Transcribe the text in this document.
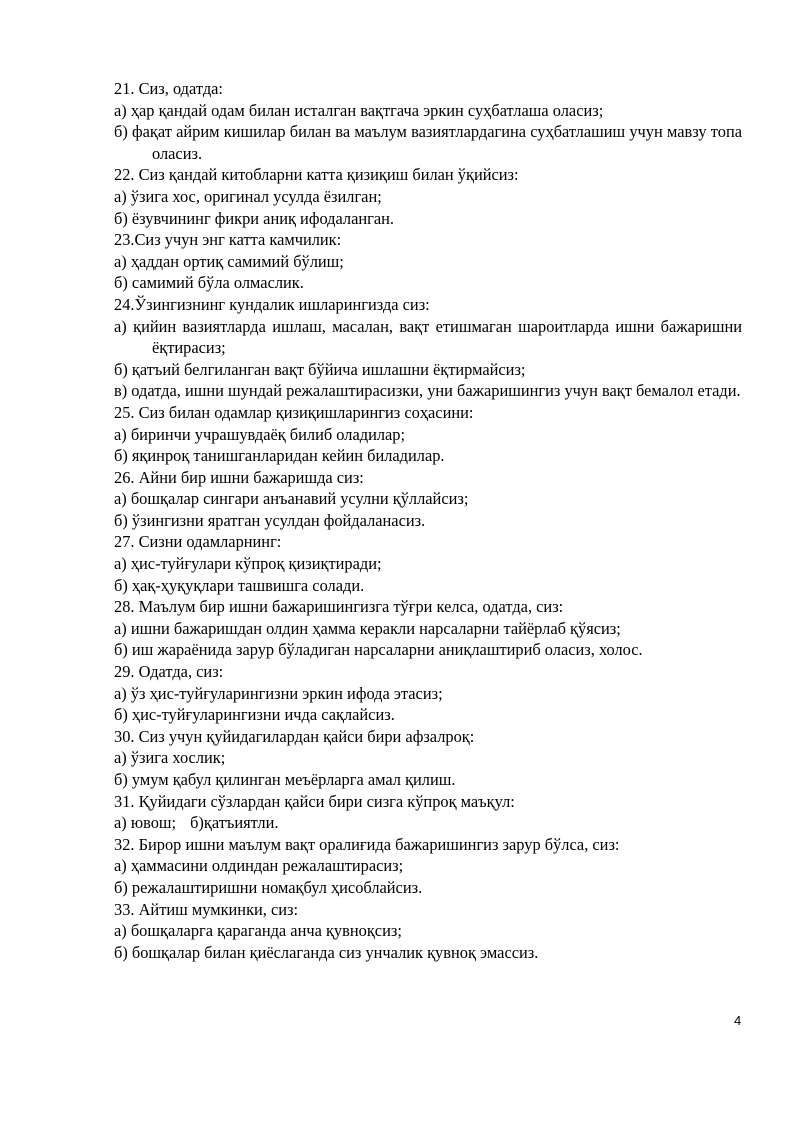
21. Сиз, одатда:

а) ҳар қандай одам билан исталган вақтгача эркин суҳбатлаша оласиз;

б) фақат айрим кишилар билан ва маълум вазиятлардагина суҳбатлашиш учун мавзу топа оласиз.

22. Сиз қандай китобларни катта қизиқиш билан ўқийсиз:

а) ўзига хос, оригинал усулда ёзилган;

б) ёзувчининг фикри аниқ ифодаланган.

23.Сиз учун энг катта камчилик:

а) ҳаддан ортиқ самимий бўлиш;

б) самимий бўла олмаслик.

24.Ўзингизнинг кундалик ишларингизда сиз:

а) қийин вазиятларда ишлаш, масалан, вақт етишмаган шароитларда ишни бажаришни ёқтирасиз;

б) қатъий белгиланган вақт бўйича ишлашни ёқтирмайсиз;

в) одатда, ишни шундай режалаштирасизки, уни бажаришингиз учун вақт бемалол етади.

25. Сиз билан одамлар қизиқишларингиз соҳасини:

а) биринчи учрашувдаёқ билиб оладилар;

б) яқинроқ танишганларидан кейин биладилар.

26. Айни бир ишни бажаришда сиз:

а) бошқалар сингари анъанавий усулни қўллайсиз;

б) ўзингизни яратган усулдан фойдаланасиз.

27. Сизни одамларнинг:

а) ҳис-туйғулари кўпроқ қизиқтиради;

б) ҳақ-ҳуқуқлари ташвишга солади.

28. Маълум бир ишни бажаришингизга тўғри келса, одатда, сиз:

а) ишни бажаришдан олдин ҳамма керакли нарсаларни тайёрлаб қўясиз;

б) иш жараёнида зарур бўладиган нарсаларни аниқлаштириб оласиз, холос.

29. Одатда, сиз:

а) ўз ҳис-туйғуларингизни эркин ифода этасиз;

б) ҳис-туйғуларингизни ичда сақлайсиз.

30. Сиз учун қуйидагилардан қайси бири афзалроқ:

а) ўзига хослик;

б) умум қабул қилинган меъёрларга амал қилиш.

31. Қуйидаги сўзлардан қайси бири сизга кўпроқ маъқул:

а) ювош; б)қатъиятли.

32. Бирор ишни маълум вақт оралиғида бажаришингиз зарур бўлса, сиз:

а) ҳаммасини олдиндан режалаштирасиз;

б) режалаштиришни номақбул ҳисоблайсиз.

33. Айтиш мумкинки, сиз:

а) бошқаларга қараганда анча қувноқсиз;

б) бошқалар билан қиёслаганда сиз унчалик қувноқ эмассиз.

4
